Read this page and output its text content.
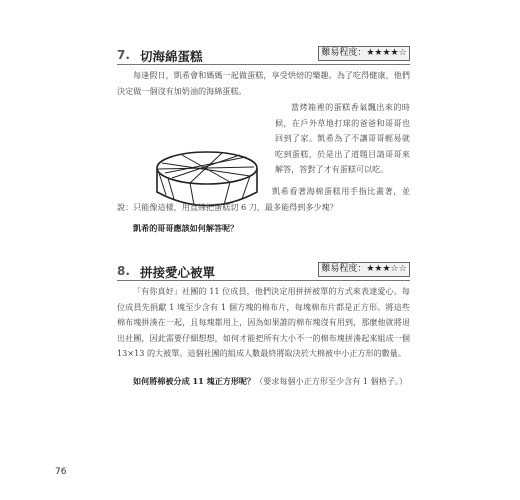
7. 切海綿蛋糕	難易程度：★★★★☆

每逢假日，凱希會和媽媽一起做蛋糕，享受烘焙的樂趣。為了吃得健康，他們決定做一個沒有加奶油的海綿蛋糕。

當烤箱裡的蛋糕香氣飄出來的時候，在戶外草地打球的爸爸和哥哥也回到了家。凱希為了不讓哥哥輕易就吃到蛋糕，於是出了道題目請哥哥來解答，答對了才有蛋糕可以吃。

凱希看著海棉蛋糕用手指比畫著，並說：只能像這樣，用直線把蛋糕切 6 刀，最多能得到多少塊？

凱希的哥哥應該如何解答呢？

8. 拼接愛心被單	難易程度：★★★☆☆

「有你真好」社團的 11 位成員，他們決定用拼拼被單的方式來表達愛心。每位成員先捐獻 1 塊至少含有 1 個方塊的棉布片，每塊棉布片都是正方形。將這些棉布塊拼湊在一起，且每塊都用上，因為如果誰的棉布塊沒有用到，那麼他就將退出社團，因此需要仔細想想，如何才能把所有大小不一的棉布塊拼湊起來組成一個 13×13 的大被單。這個社團的組成人數最終將取決於大棉被中小正方形的數量。

如何將棉被分成 11 塊正方形呢？（要求每個小正方形至少含有 1 個格子。）

76
